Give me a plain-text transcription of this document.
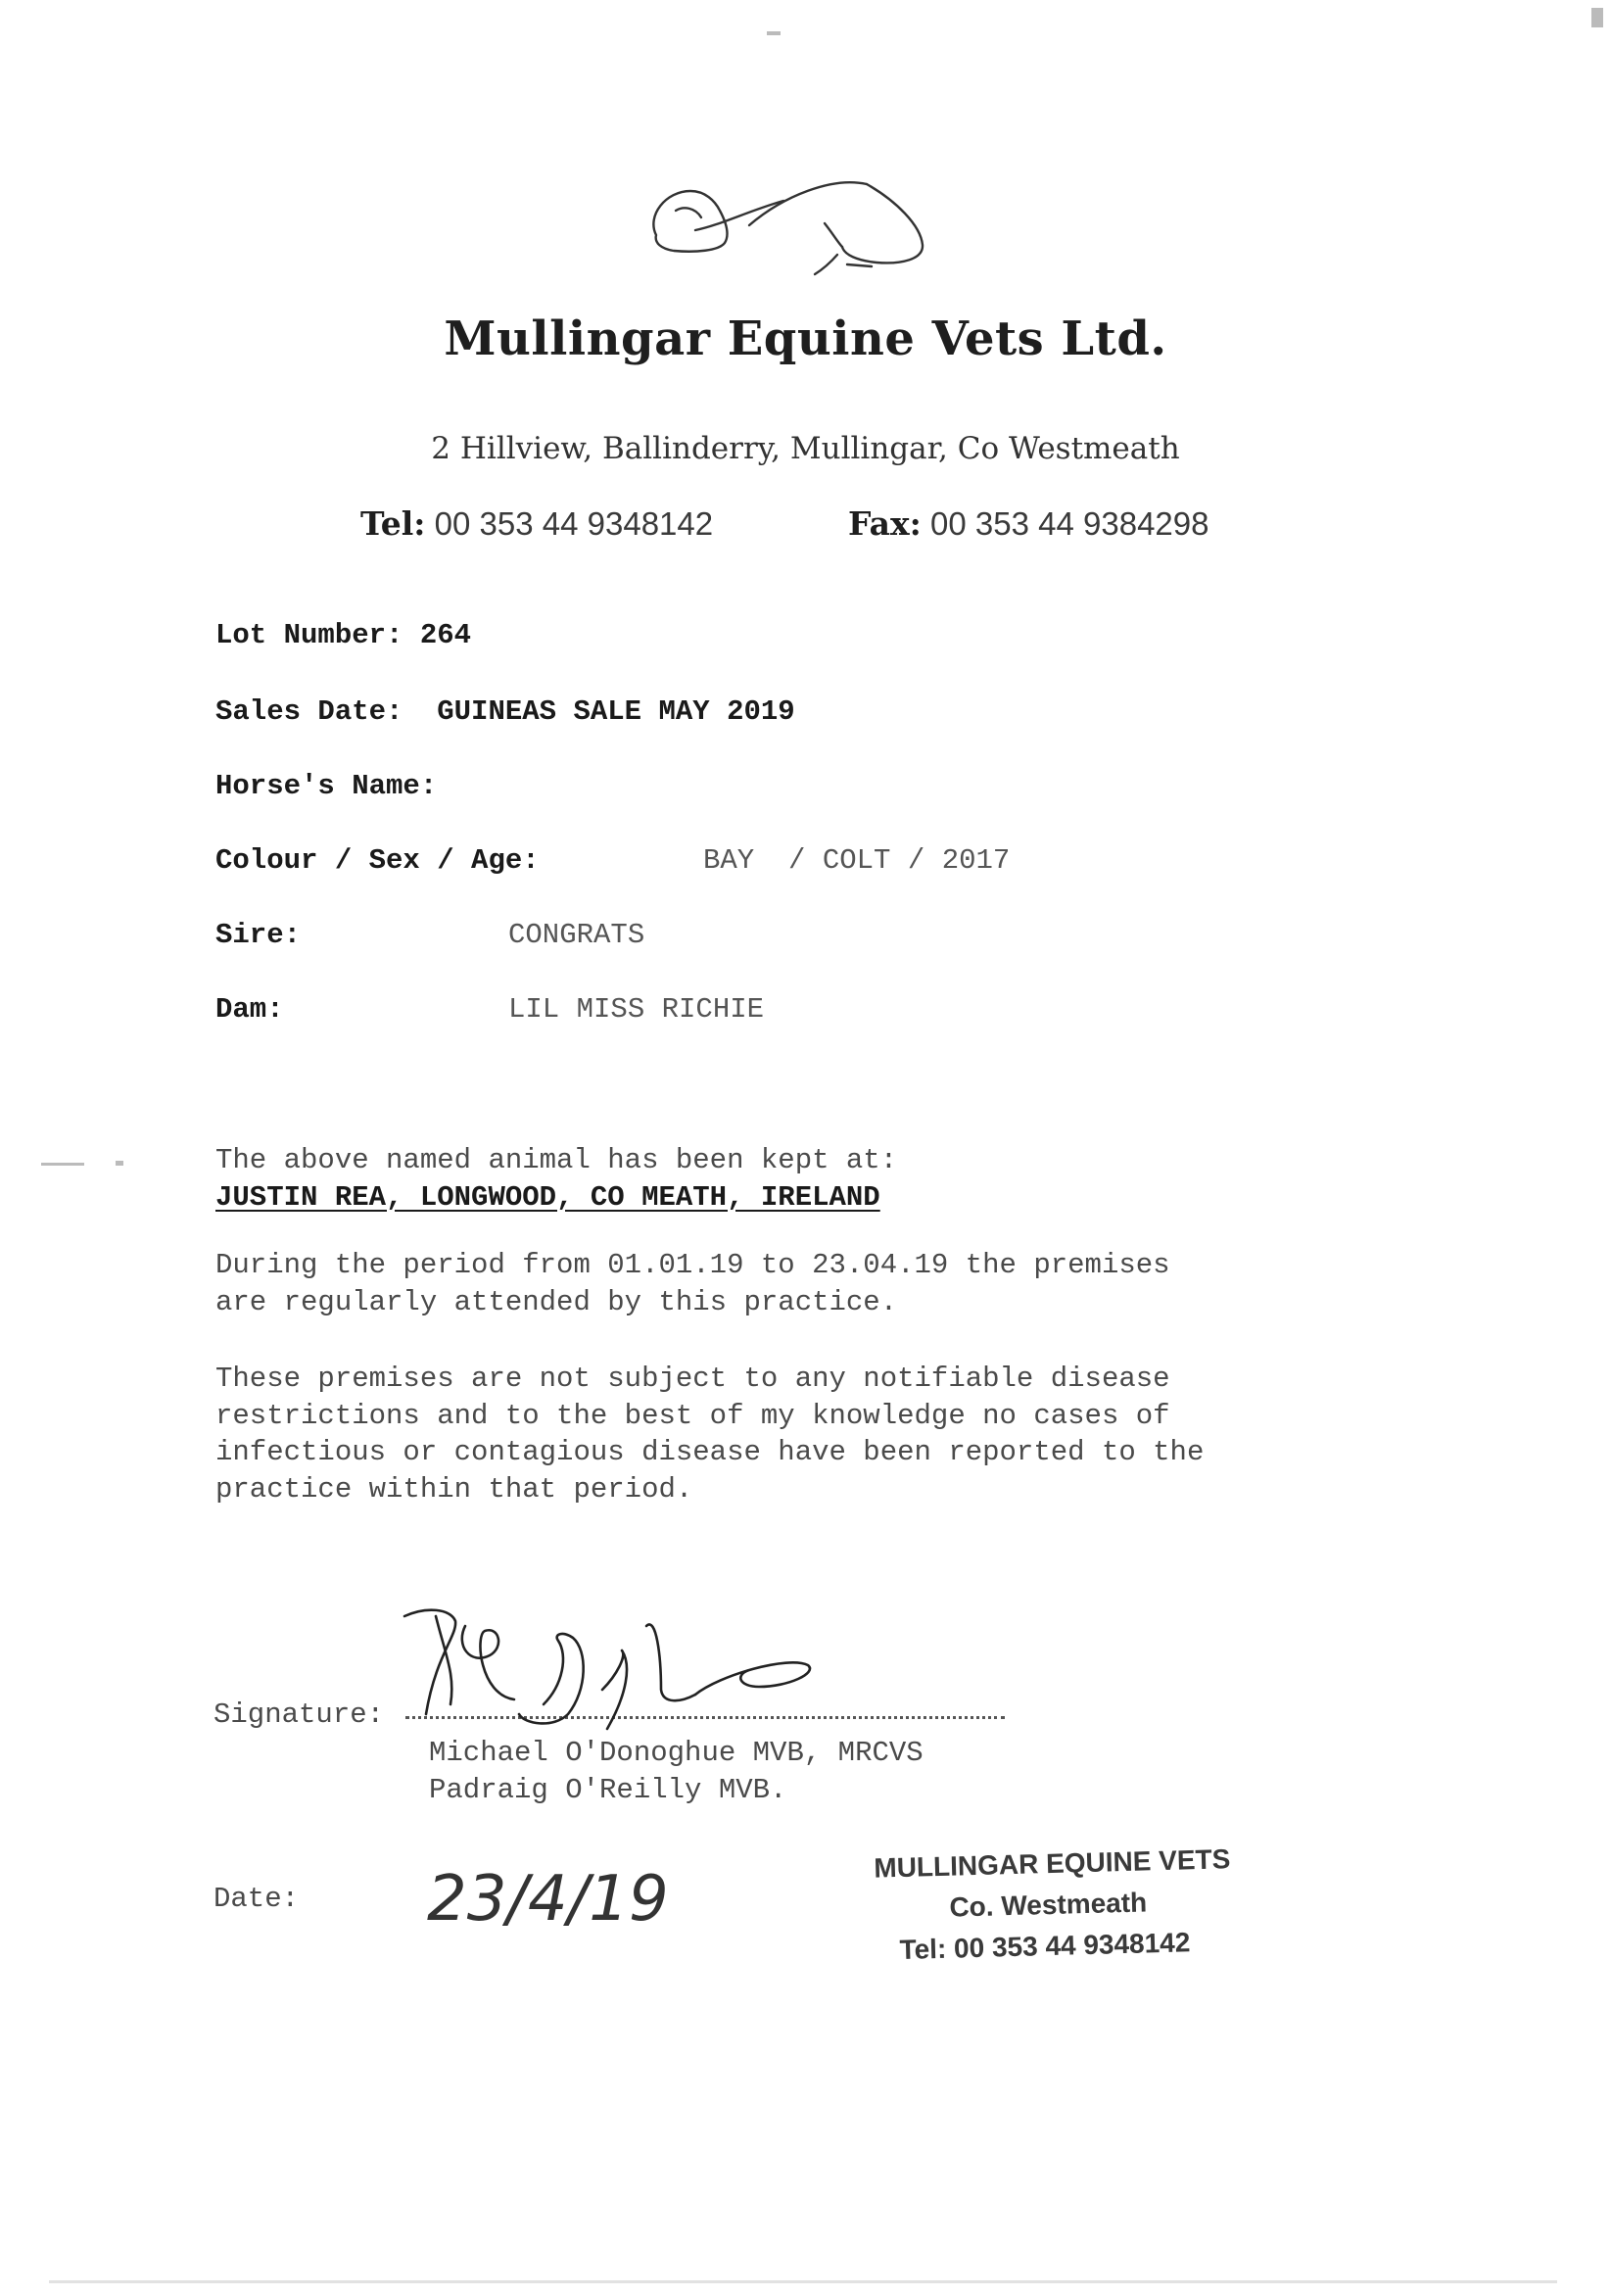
Mullingar Equine Vets Ltd.
2 Hillview, Ballinderry, Mullingar, Co Westmeath
Tel: 00 353 44 9348142	Fax: 00 353 44 9384298
Lot Number: 264
Sales Date: GUINEAS SALE MAY 2019
Horse's Name:
Colour / Sex / Age:	BAY  / COLT / 2017
Sire:	CONGRATS
Dam:	LIL MISS RICHIE
The above named animal has been kept at:
JUSTIN REA, LONGWOOD, CO MEATH, IRELAND
During the period from 01.01.19 to 23.04.19 the premises
are regularly attended by this practice.
These premises are not subject to any notifiable disease
restrictions and to the best of my knowledge no cases of
infectious or contagious disease have been reported to the
practice within that period.
Signature:
Michael O'Donoghue MVB, MRCVS
Padraig O'Reilly MVB.
Date: 23/4/19

	MULLINGAR EQUINE VETS

Co. Westmeath

Tel: 00 353 44 9348142
